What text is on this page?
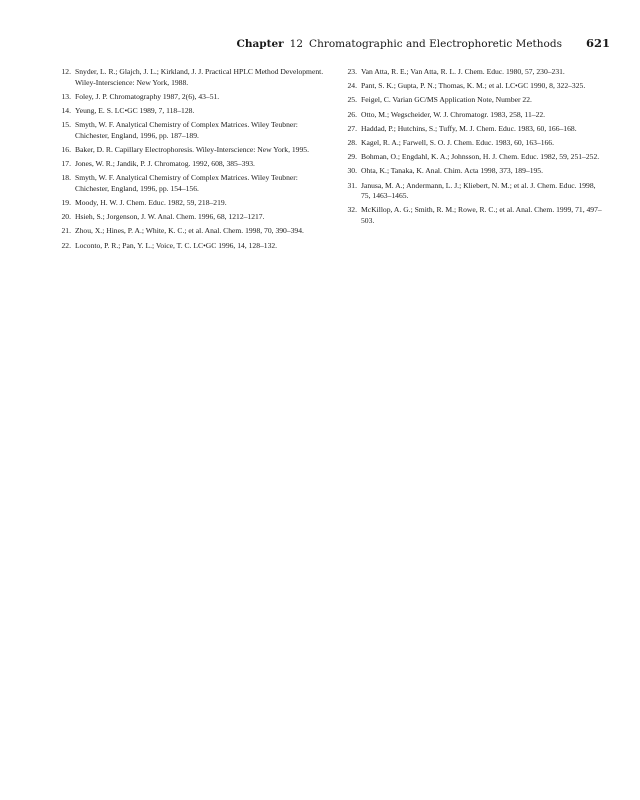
Chapter 12 Chromatographic and Electrophoretic Methods 621
12. Snyder, L. R.; Glajch, J. L.; Kirkland, J. J. Practical HPLC Method Development. Wiley-Interscience: New York, 1988.
13. Foley, J. P. Chromatography 1987, 2(6), 43–51.
14. Yeung, E. S. LC•GC 1989, 7, 118–128.
15. Smyth, W. F. Analytical Chemistry of Complex Matrices. Wiley Teubner: Chichester, England, 1996, pp. 187–189.
16. Baker, D. R. Capillary Electrophoresis. Wiley-Interscience: New York, 1995.
17. Jones, W. R.; Jandik, P. J. Chromatog. 1992, 608, 385–393.
18. Smyth, W. F. Analytical Chemistry of Complex Matrices. Wiley Teubner: Chichester, England, 1996, pp. 154–156.
19. Moody, H. W. J. Chem. Educ. 1982, 59, 218–219.
20. Hsieh, S.; Jorgenson, J. W. Anal. Chem. 1996, 68, 1212–1217.
21. Zhou, X.; Hines, P. A.; White, K. C.; et al. Anal. Chem. 1998, 70, 390–394.
22. Loconto, P. R.; Pan, Y. L.; Voice, T. C. LC•GC 1996, 14, 128–132.
23. Van Atta, R. E.; Van Atta, R. L. J. Chem. Educ. 1980, 57, 230–231.
24. Pant, S. K.; Gupta, P. N.; Thomas, K. M.; et al. LC•GC 1990, 8, 322–325.
25. Feigel, C. Varian GC/MS Application Note, Number 22.
26. Otto, M.; Wegscheider, W. J. Chromatogr. 1983, 258, 11–22.
27. Haddad, P.; Hutchins, S.; Tuffy, M. J. Chem. Educ. 1983, 60, 166–168.
28. Kagel, R. A.; Farwell, S. O. J. Chem. Educ. 1983, 60, 163–166.
29. Bohman, O.; Engdahl, K. A.; Johnsson, H. J. Chem. Educ. 1982, 59, 251–252.
30. Ohta, K.; Tanaka, K. Anal. Chim. Acta 1998, 373, 189–195.
31. Janusa, M. A.; Andermann, L. J.; Kliebert, N. M.; et al. J. Chem. Educ. 1998, 75, 1463–1465.
32. McKillop, A. G.; Smith, R. M.; Rowe, R. C.; et al. Anal. Chem. 1999, 71, 497–503.
